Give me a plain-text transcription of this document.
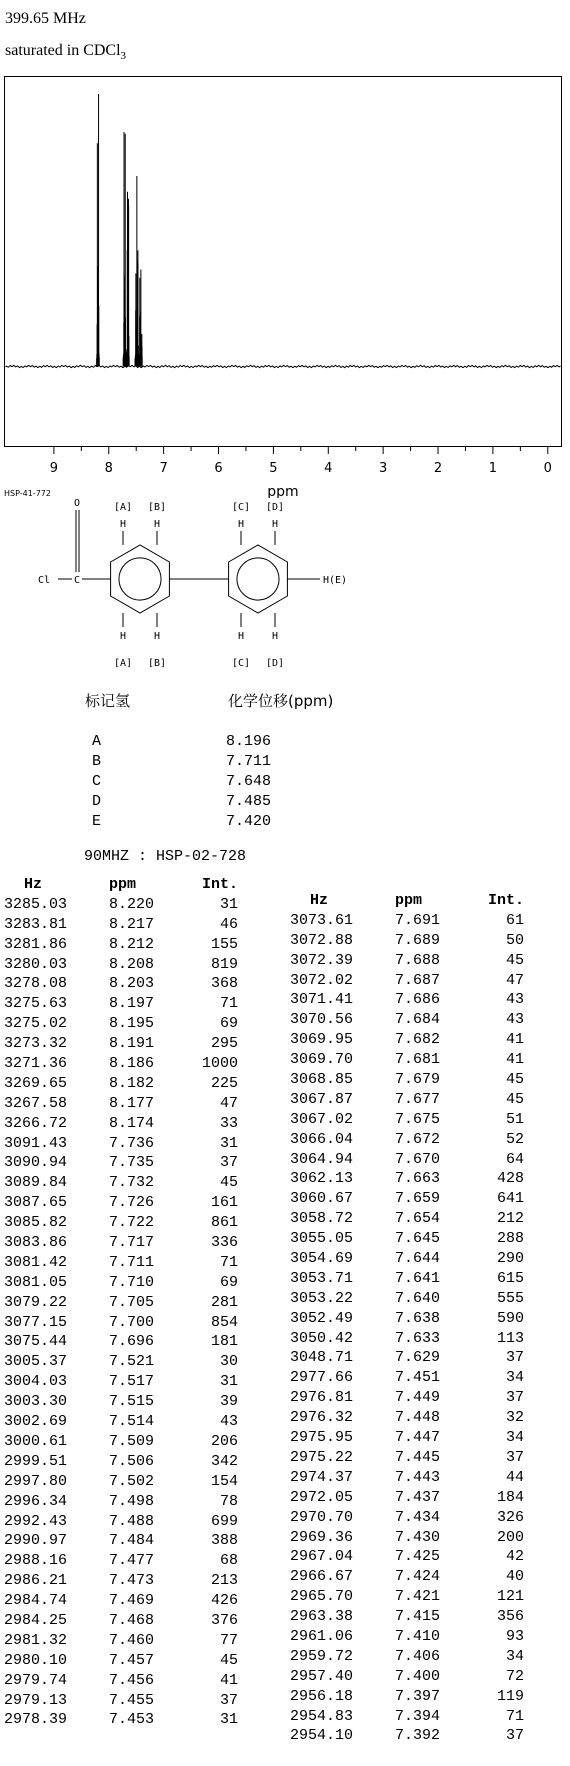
399.65 MHz
saturated in CDCl$_3$
9	8	7	6	5	4	3	2	1	0
ppm
HSP-41-772
O
C
Cl	H(E)
H
H
[A]
[A]
H
H
[B]
[B]
H
H
[C]
[C]
H
H
[D]
[D]
标记氢	化学位移(ppm)
A	8.196
B	7.711
C	7.648
D	7.485
E	7.420
90MHZ : HSP-02-728
Hz	ppm	Int.
3285.03	8.220	31
3283.81	8.217	46
3281.86	8.212	155
3280.03	8.208	819
3278.08	8.203	368
3275.63	8.197	71
3275.02	8.195	69
3273.32	8.191	295
3271.36	8.186	1000
3269.65	8.182	225
3267.58	8.177	47
3266.72	8.174	33
3091.43	7.736	31
3090.94	7.735	37
3089.84	7.732	45
3087.65	7.726	161
3085.82	7.722	861
3083.86	7.717	336
3081.42	7.711	71
3081.05	7.710	69
3079.22	7.705	281
3077.15	7.700	854
3075.44	7.696	181
3005.37	7.521	30
3004.03	7.517	31
3003.30	7.515	39
3002.69	7.514	43
3000.61	7.509	206
2999.51	7.506	342
2997.80	7.502	154
2996.34	7.498	78
2992.43	7.488	699
2990.97	7.484	388
2988.16	7.477	68
2986.21	7.473	213
2984.74	7.469	426
2984.25	7.468	376
2981.32	7.460	77
2980.10	7.457	45
2979.74	7.456	41
2979.13	7.455	37
2978.39	7.453	31
Hz	ppm	Int.
3073.61	7.691	61
3072.88	7.689	50
3072.39	7.688	45
3072.02	7.687	47
3071.41	7.686	43
3070.56	7.684	43
3069.95	7.682	41
3069.70	7.681	41
3068.85	7.679	45
3067.87	7.677	45
3067.02	7.675	51
3066.04	7.672	52
3064.94	7.670	64
3062.13	7.663	428
3060.67	7.659	641
3058.72	7.654	212
3055.05	7.645	288
3054.69	7.644	290
3053.71	7.641	615
3053.22	7.640	555
3052.49	7.638	590
3050.42	7.633	113
3048.71	7.629	37
2977.66	7.451	34
2976.81	7.449	37
2976.32	7.448	32
2975.95	7.447	34
2975.22	7.445	37
2974.37	7.443	44
2972.05	7.437	184
2970.70	7.434	326
2969.36	7.430	200
2967.04	7.425	42
2966.67	7.424	40
2965.70	7.421	121
2963.38	7.415	356
2961.06	7.410	93
2959.72	7.406	34
2957.40	7.400	72
2956.18	7.397	119
2954.83	7.394	71
2954.10	7.392	37
